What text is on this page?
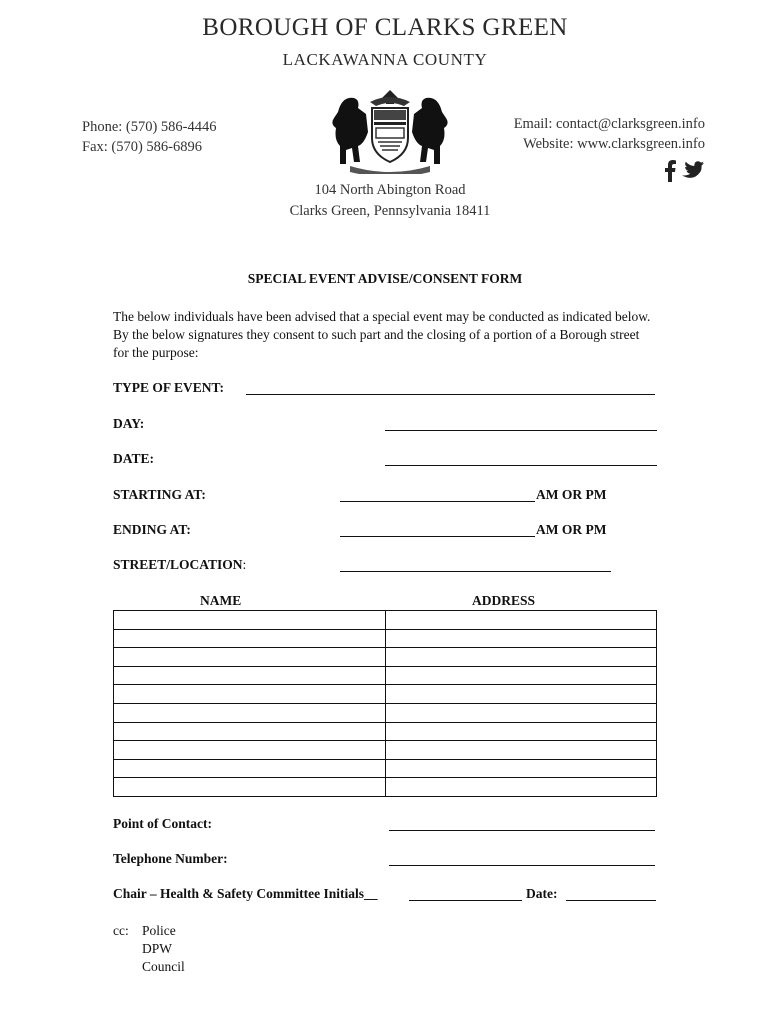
BOROUGH OF CLARKS GREEN
LACKAWANNA COUNTY
Phone: (570) 586-4446
Fax: (570) 586-6896
Email: contact@clarksgreen.info
Website: www.clarksgreen.info
104 North Abington Road
Clarks Green, Pennsylvania 18411
SPECIAL EVENT ADVISE/CONSENT FORM
The below individuals have been advised that a special event may be conducted as indicated below. By the below signatures they consent to such part and the closing of a portion of a Borough street for the purpose:
TYPE OF EVENT:
DAY:
DATE:
STARTING AT:	AM OR PM
ENDING AT:	AM OR PM
STREET/LOCATION:
NAME	ADDRESS

Point of Contact:
Telephone Number:
Chair – Health & Safety Committee Initials__	Date:
cc: Police
DPW
Council
